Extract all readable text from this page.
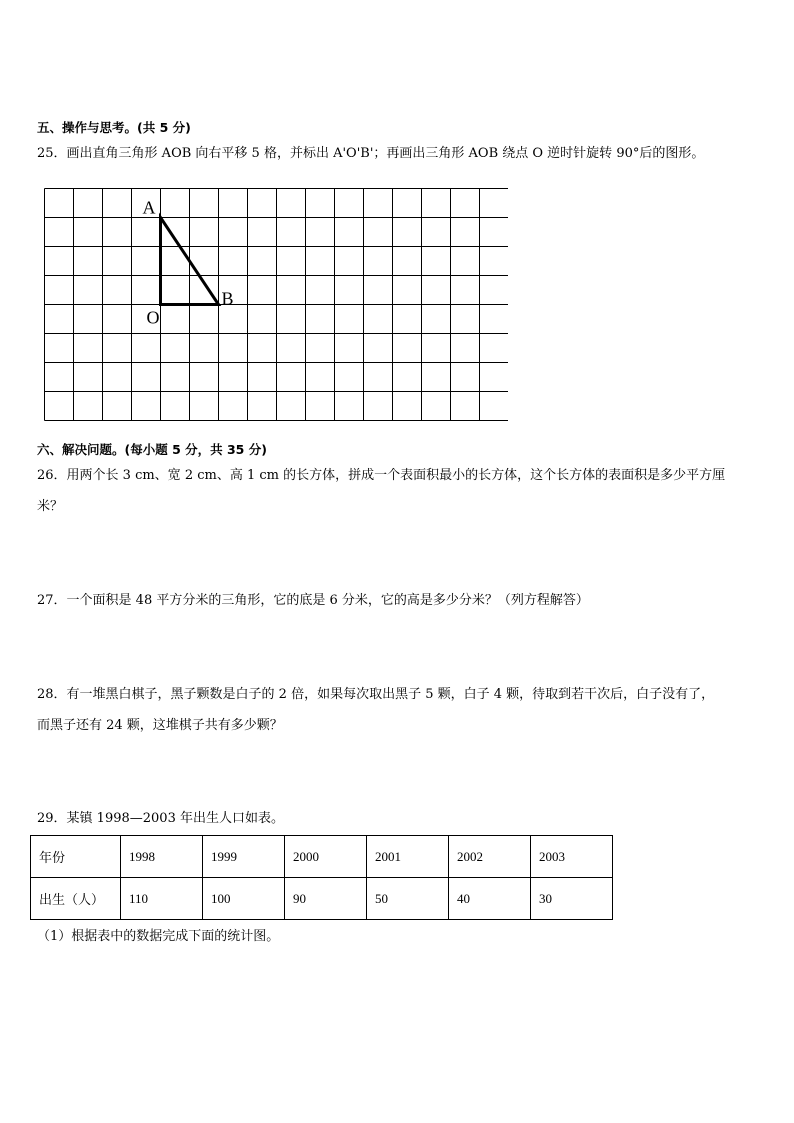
五、操作与思考。(共 5 分)
25．画出直角三角形 AOB 向右平移 5 格，并标出 A'O'B'；再画出三角形 AOB 绕点 O 逆时针旋转 90°后的图形。
A
O
B
六、解决问题。(每小题 5 分，共 35 分)
26．用两个长 3 cm、宽 2 cm、高 1 cm 的长方体，拼成一个表面积最小的长方体，这个长方体的表面积是多少平方厘
米？
27．一个面积是 48 平方分米的三角形，它的底是 6 分米，它的高是多少分米？（列方程解答）
28．有一堆黑白棋子，黑子颗数是白子的 2 倍，如果每次取出黑子 5 颗，白子 4 颗，待取到若干次后，白子没有了，
而黑子还有 24 颗，这堆棋子共有多少颗？
29．某镇 1998—2003 年出生人口如表。
年份	1998	1999	2000	2001	2002	2003
出生（人）	110	100	90	50	40	30
（1）根据表中的数据完成下面的统计图。
